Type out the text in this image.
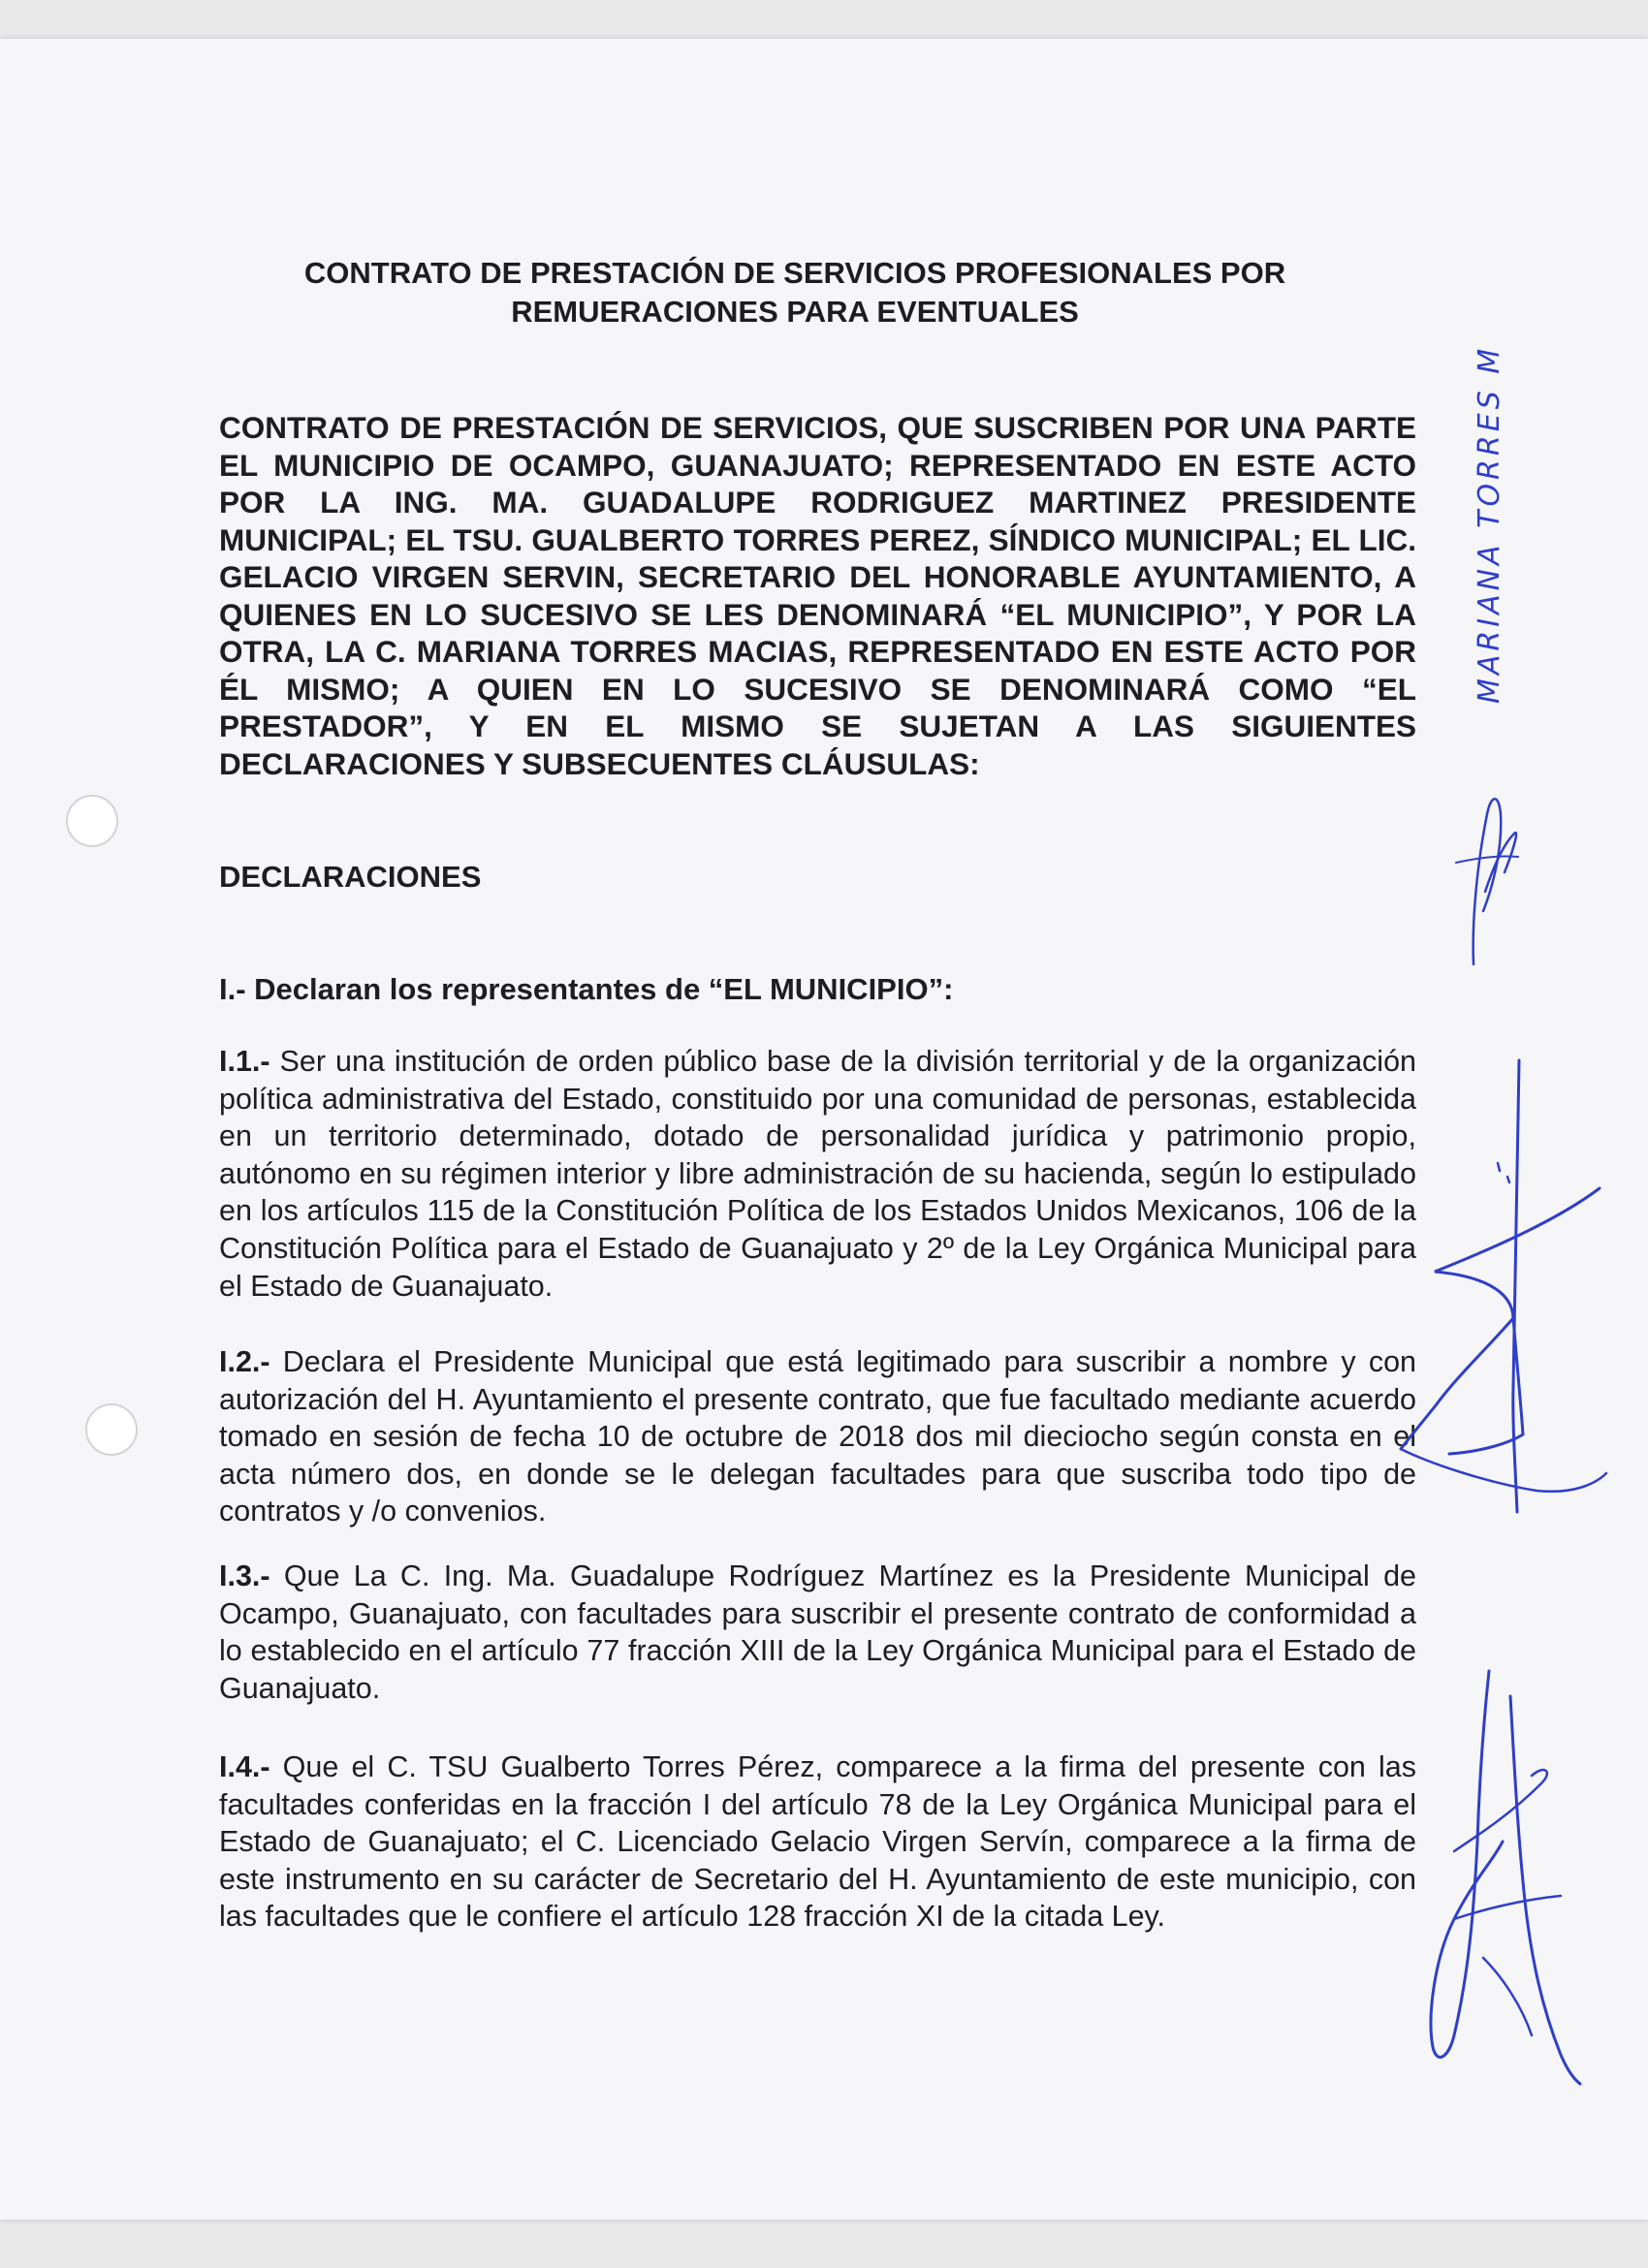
CONTRATO DE PRESTACIÓN DE SERVICIOS PROFESIONALES POR
REMUERACIONES PARA EVENTUALES

CONTRATO DE PRESTACIÓN DE SERVICIOS, QUE SUSCRIBEN POR UNA PARTE EL MUNICIPIO DE OCAMPO, GUANAJUATO; REPRESENTADO EN ESTE ACTO POR LA ING. MA. GUADALUPE RODRIGUEZ MARTINEZ PRESIDENTE MUNICIPAL; EL TSU. GUALBERTO TORRES PEREZ, SÍNDICO MUNICIPAL; EL LIC. GELACIO VIRGEN SERVIN, SECRETARIO DEL HONORABLE AYUNTAMIENTO, A QUIENES EN LO SUCESIVO SE LES DENOMINARÁ “EL MUNICIPIO”, Y POR LA OTRA, LA C. MARIANA TORRES MACIAS, REPRESENTADO EN ESTE ACTO POR ÉL MISMO; A QUIEN EN LO SUCESIVO SE DENOMINARÁ COMO “EL PRESTADOR”, Y EN EL MISMO SE SUJETAN A LAS SIGUIENTES DECLARACIONES Y SUBSECUENTES CLÁUSULAS:

DECLARACIONES
I.- Declaran los representantes de “EL MUNICIPIO”:

I.1.- Ser una institución de orden público base de la división territorial y de la organización política administrativa del Estado, constituido por una comunidad de personas, establecida en un territorio determinado, dotado de personalidad jurídica y patrimonio propio, autónomo en su régimen interior y libre administración de su hacienda, según lo estipulado en los artículos 115 de la Constitución Política de los Estados Unidos Mexicanos, 106 de la Constitución Política para el Estado de Guanajuato y 2º de la Ley Orgánica Municipal para el Estado de Guanajuato.

I.2.- Declara el Presidente Municipal que está legitimado para suscribir a nombre y con autorización del H. Ayuntamiento el presente contrato, que fue facultado mediante acuerdo tomado en sesión de fecha 10 de octubre de 2018 dos mil dieciocho según consta en el acta número dos, en donde se le delegan facultades para que suscriba todo tipo de contratos y /o convenios.

I.3.- Que La C. Ing. Ma. Guadalupe Rodríguez Martínez es la Presidente Municipal de Ocampo, Guanajuato, con facultades para suscribir el presente contrato de conformidad a lo establecido en el artículo 77 fracción XIII de la Ley Orgánica Municipal para el Estado de Guanajuato.

I.4.- Que el C. TSU Gualberto Torres Pérez, comparece a la firma del presente con las facultades conferidas en la fracción I del artículo 78 de la Ley Orgánica Municipal para el Estado de Guanajuato; el C. Licenciado Gelacio Virgen Servín, comparece a la firma de este instrumento en su carácter de Secretario del H. Ayuntamiento de este municipio, con las facultades que le confiere el artículo 128 fracción XI de la citada Ley.

MARIANA TORRES M
